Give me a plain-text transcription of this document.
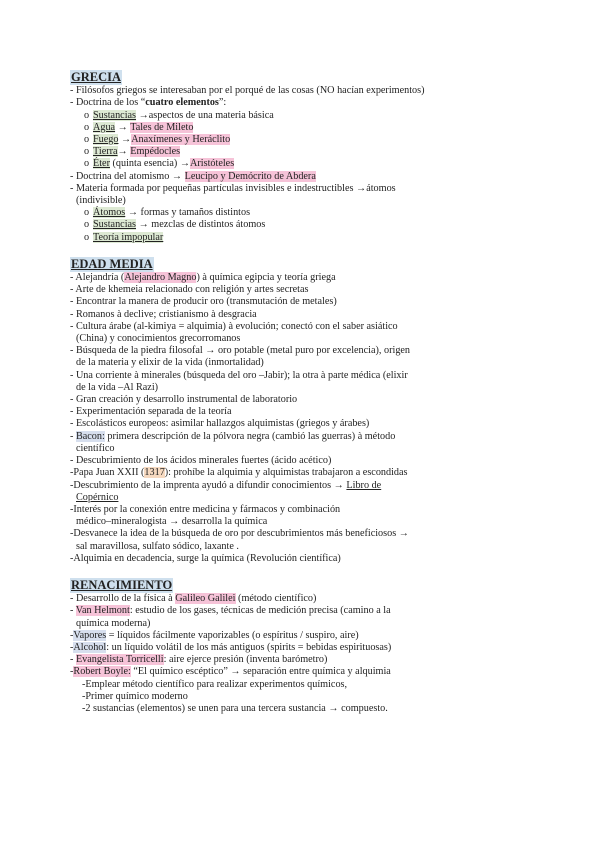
GRECIA
- Filósofos griegos se interesaban por el porqué de las cosas (NO hacían experimentos)
- Doctrina de los “cuatro elementos”:
o Sustancias →aspectos de una materia básica
o Agua → Tales de Mileto
o Fuego →Anaxímenes y Heráclito
o Tierra→ Empédocles
o Éter (quinta esencia) →Aristóteles
- Doctrina del atomismo → Leucipo y Demócrito de Abdera
- Materia formada por pequeñas partículas invisibles e indestructibles →átomos
(indivisible)
o Átomos → formas y tamaños distintos
o Sustancias → mezclas de distintos átomos
o Teoría impopular
EDAD MEDIA
- Alejandría (Alejandro Magno) à química egipcia y teoría griega
- Arte de khemeia relacionado con religión y artes secretas
- Encontrar la manera de producir oro (transmutación de metales)
- Romanos à declive; cristianismo à desgracia
- Cultura árabe (al-kimiya = alquimia) à evolución; conectó con el saber asiático
(China) y conocimientos grecorromanos
- Búsqueda de la piedra filosofal → oro potable (metal puro por excelencia), origen
de la materia y elixir de la vida (inmortalidad)
- Una corriente à minerales (búsqueda del oro –Jabir); la otra à parte médica (elixir
de la vida –Al Razi)
- Gran creación y desarrollo instrumental de laboratorio
- Experimentación separada de la teoría
- Escolásticos europeos: asimilar hallazgos alquimistas (griegos y árabes)
- Bacon: primera descripción de la pólvora negra (cambió las guerras) à método
científico
- Descubrimiento de los ácidos minerales fuertes (ácido acético)
-Papa Juan XXII (1317): prohíbe la alquimia y alquimistas trabajaron a escondidas
-Descubrimiento de la imprenta ayudó a difundir conocimientos → Libro de
Copérnico
-Interés por la conexión entre medicina y fármacos y combinación
médico–mineralogista → desarrolla la química
-Desvanece la idea de la búsqueda de oro por descubrimientos más beneficiosos →
sal maravillosa, sulfato sódico, laxante .
-Alquimia en decadencia, surge la química (Revolución científica)
RENACIMIENTO
- Desarrollo de la física à Galileo Galilei (método científico)
- Van Helmont: estudio de los gases, técnicas de medición precisa (camino a la
química moderna)
-Vapores = líquidos fácilmente vaporizables (o espíritus / suspiro, aire)
-Alcohol: un líquido volátil de los más antiguos (spirits = bebidas espirituosas)
- Evangelista Torricelli: aire ejerce presión (inventa barómetro)
-Robert Boyle: “El químico escéptico” → separación entre química y alquimia
-Emplear método científico para realizar experimentos químicos,
-Primer químico moderno
-2 sustancias (elementos) se unen para una tercera sustancia → compuesto.
